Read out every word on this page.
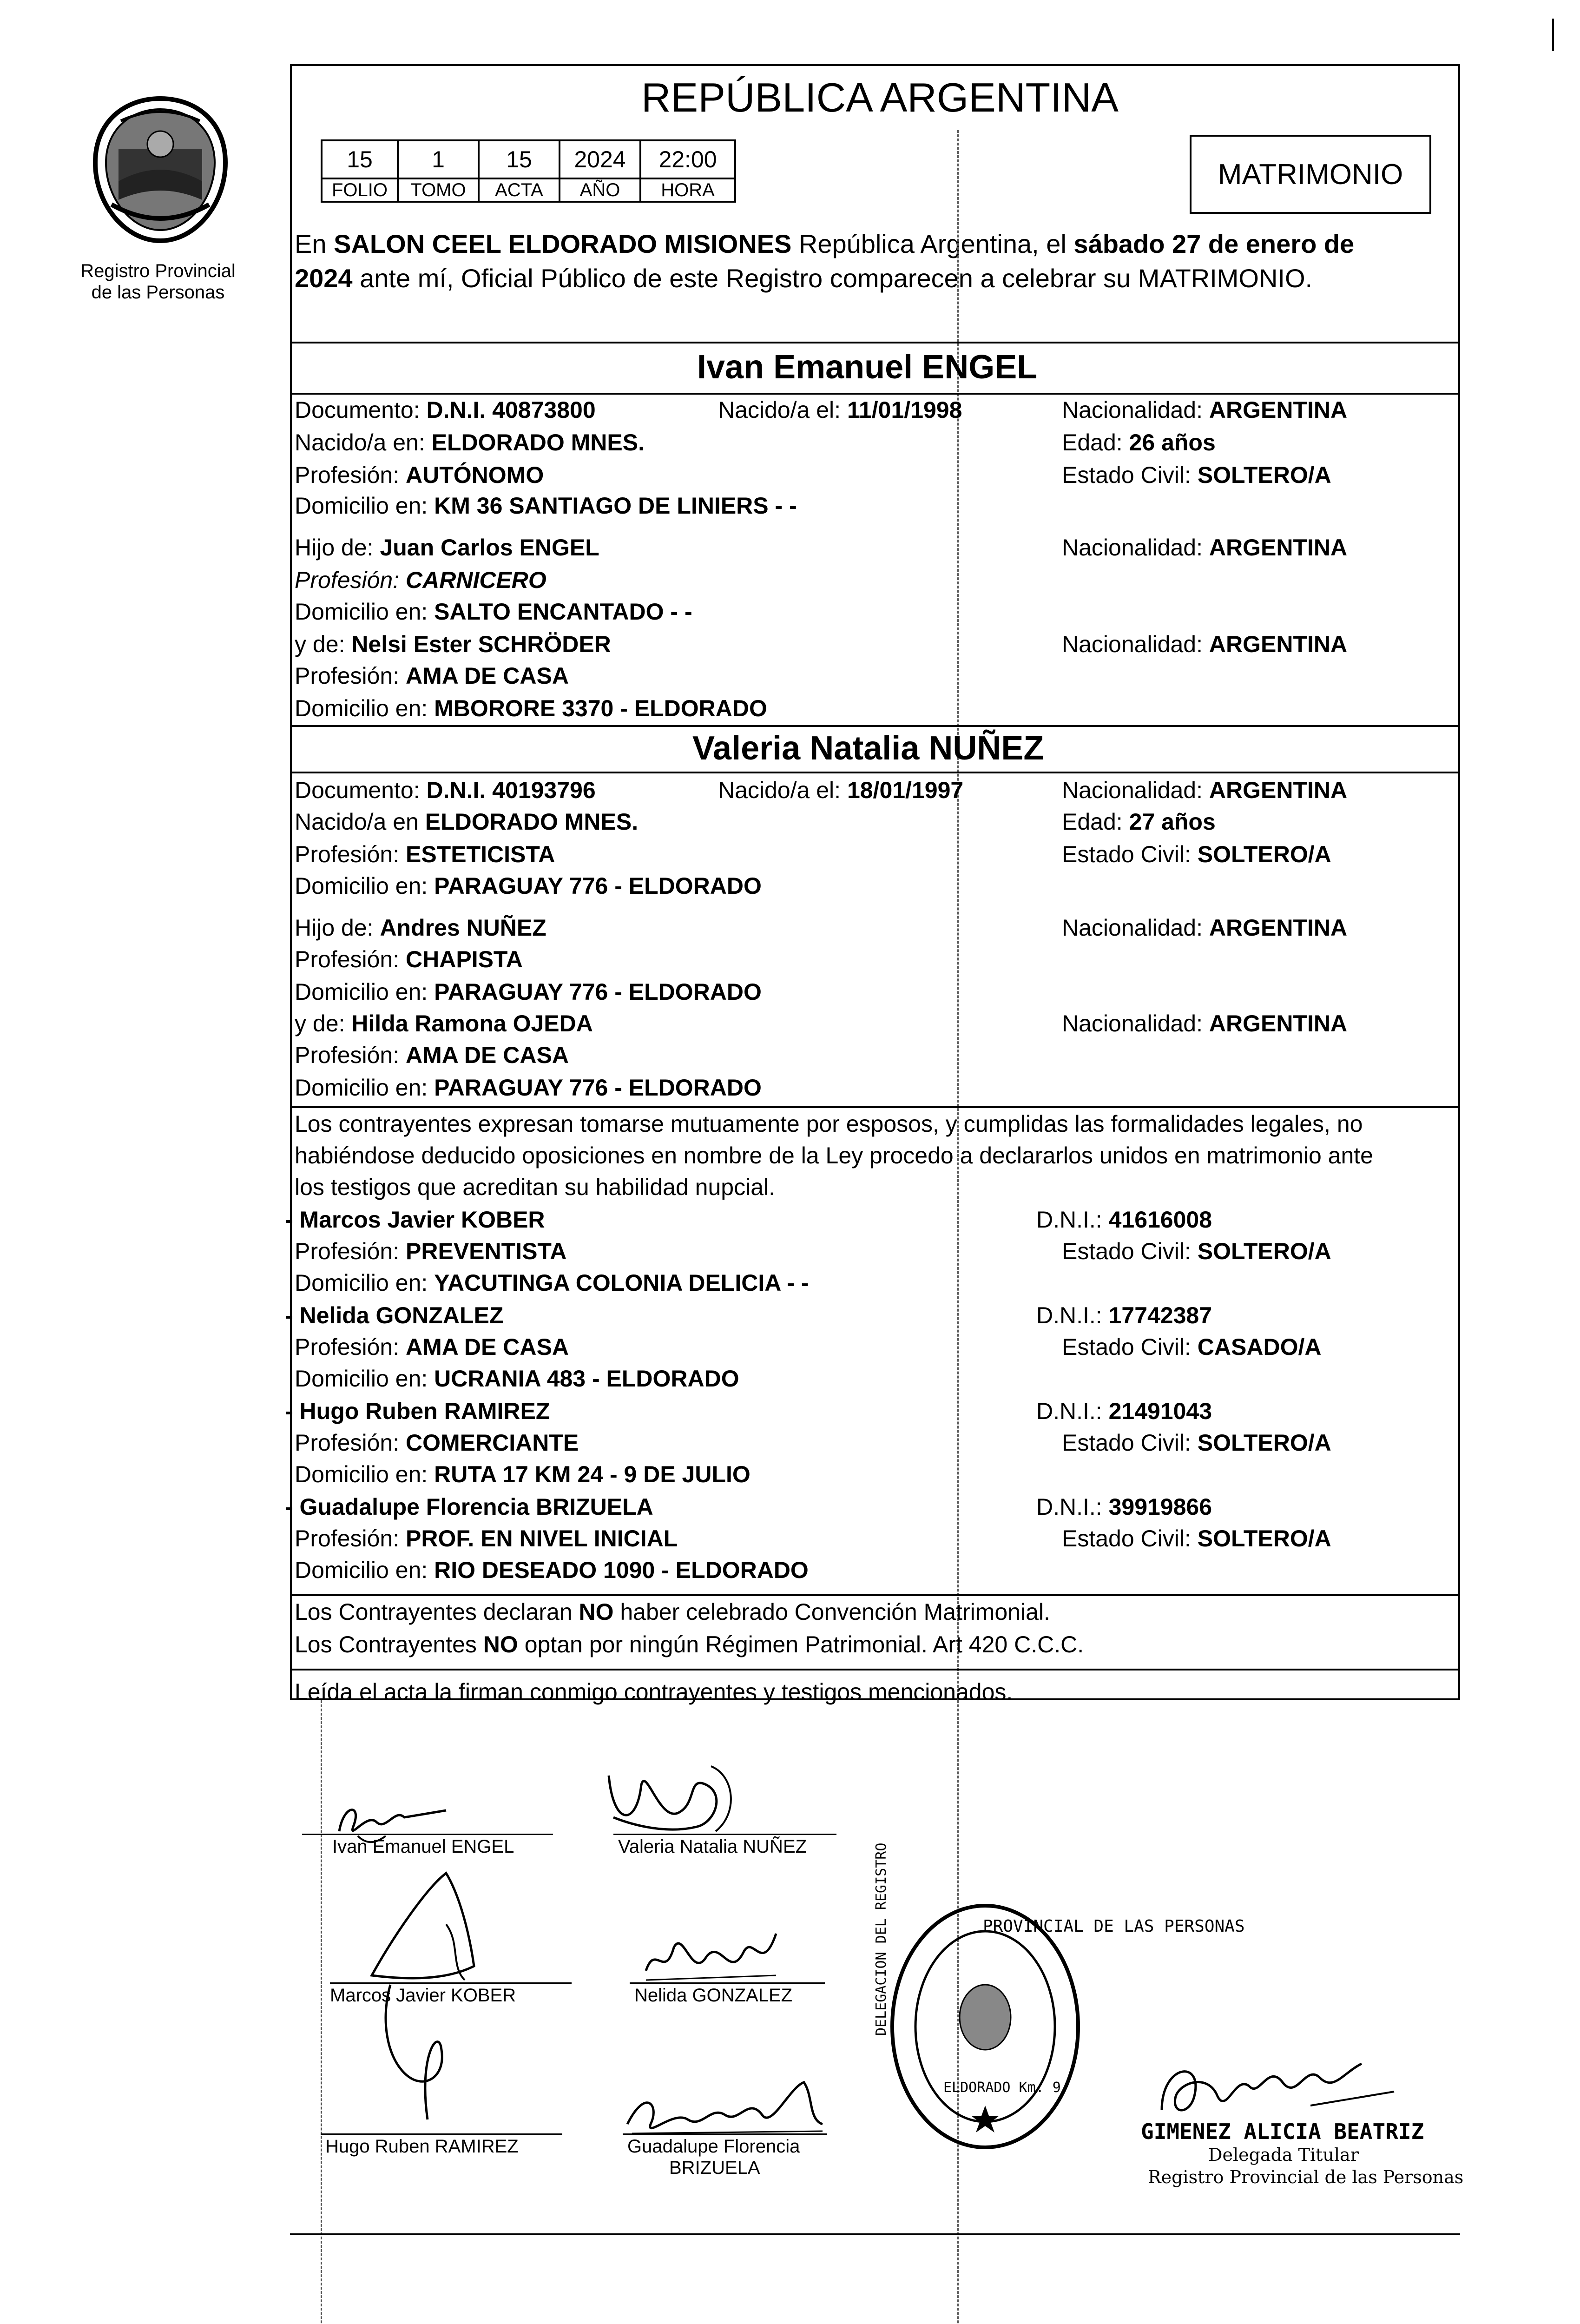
Registro Provincial
de las Personas
REPÚBLICA ARGENTINA
15	1	15	2024	22:00
FOLIO	TOMO	ACTA	AÑO	HORA	MATRIMONIO
En SALON CEEL ELDORADO MISIONES República Argentina, el sábado 27 de enero de
2024 ante mí, Oficial Público de este Registro comparecen a celebrar su MATRIMONIO.
Ivan Emanuel ENGEL
Documento: D.N.I. 40873800	Nacido/a el: 11/01/1998	Nacionalidad: ARGENTINA
Nacido/a en: ELDORADO MNES.	Edad: 26 años
Profesión: AUTÓNOMO	Estado Civil: SOLTERO/A
Domicilio en: KM 36 SANTIAGO DE LINIERS - -
Hijo de: Juan Carlos ENGEL	Nacionalidad: ARGENTINA
Profesión: CARNICERO
Domicilio en: SALTO ENCANTADO - -
y de: Nelsi Ester SCHRÖDER	Nacionalidad: ARGENTINA
Profesión: AMA DE CASA
Domicilio en: MBORORE 3370 - ELDORADO
Valeria Natalia NUÑEZ
Documento: D.N.I. 40193796	Nacido/a el: 18/01/1997	Nacionalidad: ARGENTINA
Nacido/a en ELDORADO MNES.	Edad: 27 años
Profesión: ESTETICISTA	Estado Civil: SOLTERO/A
Domicilio en: PARAGUAY 776 - ELDORADO
Hijo de: Andres NUÑEZ	Nacionalidad: ARGENTINA
Profesión: CHAPISTA
Domicilio en: PARAGUAY 776 - ELDORADO
y de: Hilda Ramona OJEDA	Nacionalidad: ARGENTINA
Profesión: AMA DE CASA
Domicilio en: PARAGUAY 776 - ELDORADO
Los contrayentes expresan tomarse mutuamente por esposos, y cumplidas las formalidades legales, no
habiéndose deducido oposiciones en nombre de la Ley procedo a declararlos unidos en matrimonio ante
los testigos que acreditan su habilidad nupcial.
- Marcos Javier KOBER	D.N.I.: 41616008
Profesión: PREVENTISTA	Estado Civil: SOLTERO/A
Domicilio en: YACUTINGA COLONIA DELICIA - -
- Nelida GONZALEZ	D.N.I.: 17742387
Profesión: AMA DE CASA	Estado Civil: CASADO/A
Domicilio en: UCRANIA 483 - ELDORADO
- Hugo Ruben RAMIREZ	D.N.I.: 21491043
Profesión: COMERCIANTE	Estado Civil: SOLTERO/A
Domicilio en: RUTA 17 KM 24 - 9 DE JULIO
- Guadalupe Florencia BRIZUELA	D.N.I.: 39919866
Profesión: PROF. EN NIVEL INICIAL	Estado Civil: SOLTERO/A
Domicilio en: RIO DESEADO 1090 - ELDORADO
Los Contrayentes declaran NO haber celebrado Convención Matrimonial.
Los Contrayentes NO optan por ningún Régimen Patrimonial. Art 420 C.C.C.
Leída el acta la firman conmigo contrayentes y testigos mencionados.
Ivan Emanuel ENGEL	Valeria Natalia NUÑEZ
Marcos Javier KOBER	Nelida GONZALEZ
Hugo Ruben RAMIREZ	Guadalupe Florencia
BRIZUELA
PROVINCIAL DE LAS PERSONAS
DELEGACION DEL REGISTRO
ELDORADO Km. 9
GIMENEZ ALICIA BEATRIZ
Delegada Titular
Registro Provincial de las Personas
